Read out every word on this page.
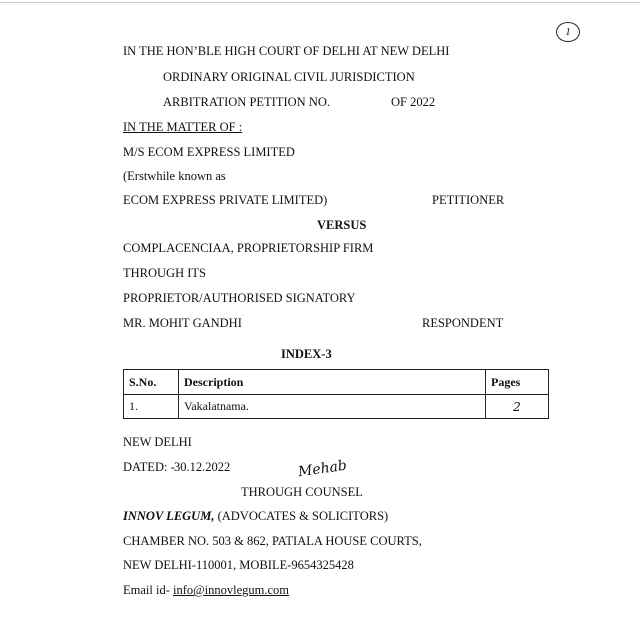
1
IN THE HON’BLE HIGH COURT OF DELHI AT NEW DELHI
ORDINARY ORIGINAL CIVIL JURISDICTION
ARBITRATION PETITION NO.	OF 2022
IN THE MATTER OF :
M/S ECOM EXPRESS LIMITED
(Erstwhile known as
ECOM EXPRESS PRIVATE LIMITED)	PETITIONER
VERSUS
COMPLACENCIAA, PROPRIETORSHIP FIRM
THROUGH ITS
PROPRIETOR/AUTHORISED SIGNATORY
MR. MOHIT GANDHI	RESPONDENT
INDEX-3
S.No.	Description	Pages
1.	Vakalatnama.	2
NEW DELHI
DATED: - 30.12.2022	Mehab
THROUGH COUNSEL
INNOV LEGUM, (ADVOCATES & SOLICITORS)
CHAMBER NO. 503 & 862, PATIALA HOUSE COURTS,
NEW DELHI-110001, MOBILE-9654325428
Email id- info@innovlegum.com
